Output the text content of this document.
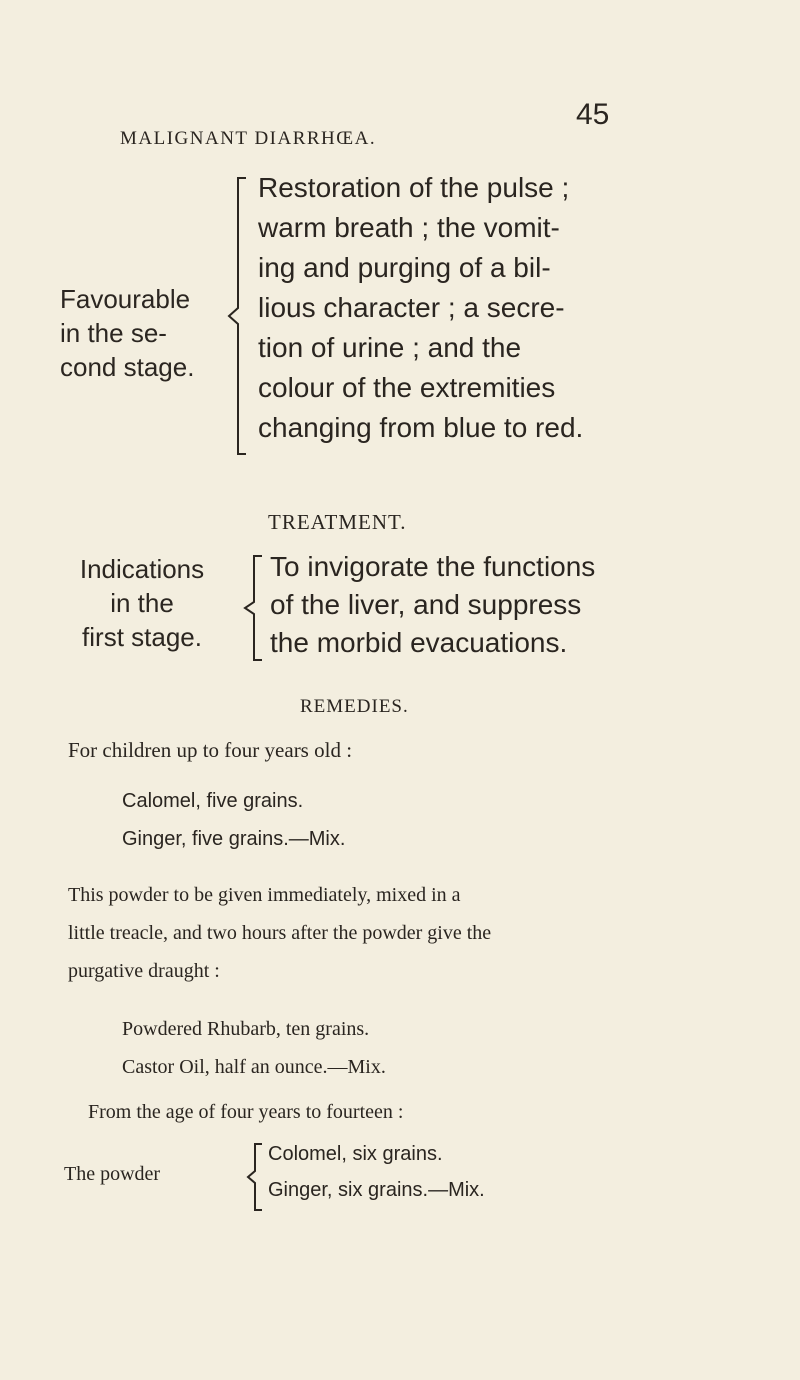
MALIGNANT DIARRHŒA.
45
Favourable
in the se-
cond stage.
Restoration of the pulse ;
warm breath ; the vomit-
ing and purging of a bil-
lious character ; a secre-
tion of urine ; and the
colour of the extremities
changing from blue to red.
TREATMENT.
Indications
in the
first stage.
To invigorate the functions
of the liver, and suppress
the morbid evacuations.
REMEDIES.
For children up to four years old :
Calomel, five grains.
Ginger, five grains.—Mix.
This powder to be given immediately, mixed in a
little treacle, and two hours after the powder give the
purgative draught :
Powdered Rhubarb, ten grains.
Castor Oil, half an ounce.—Mix.
From the age of four years to fourteen :
The powder
Colomel, six grains.
Ginger, six grains.—Mix.
